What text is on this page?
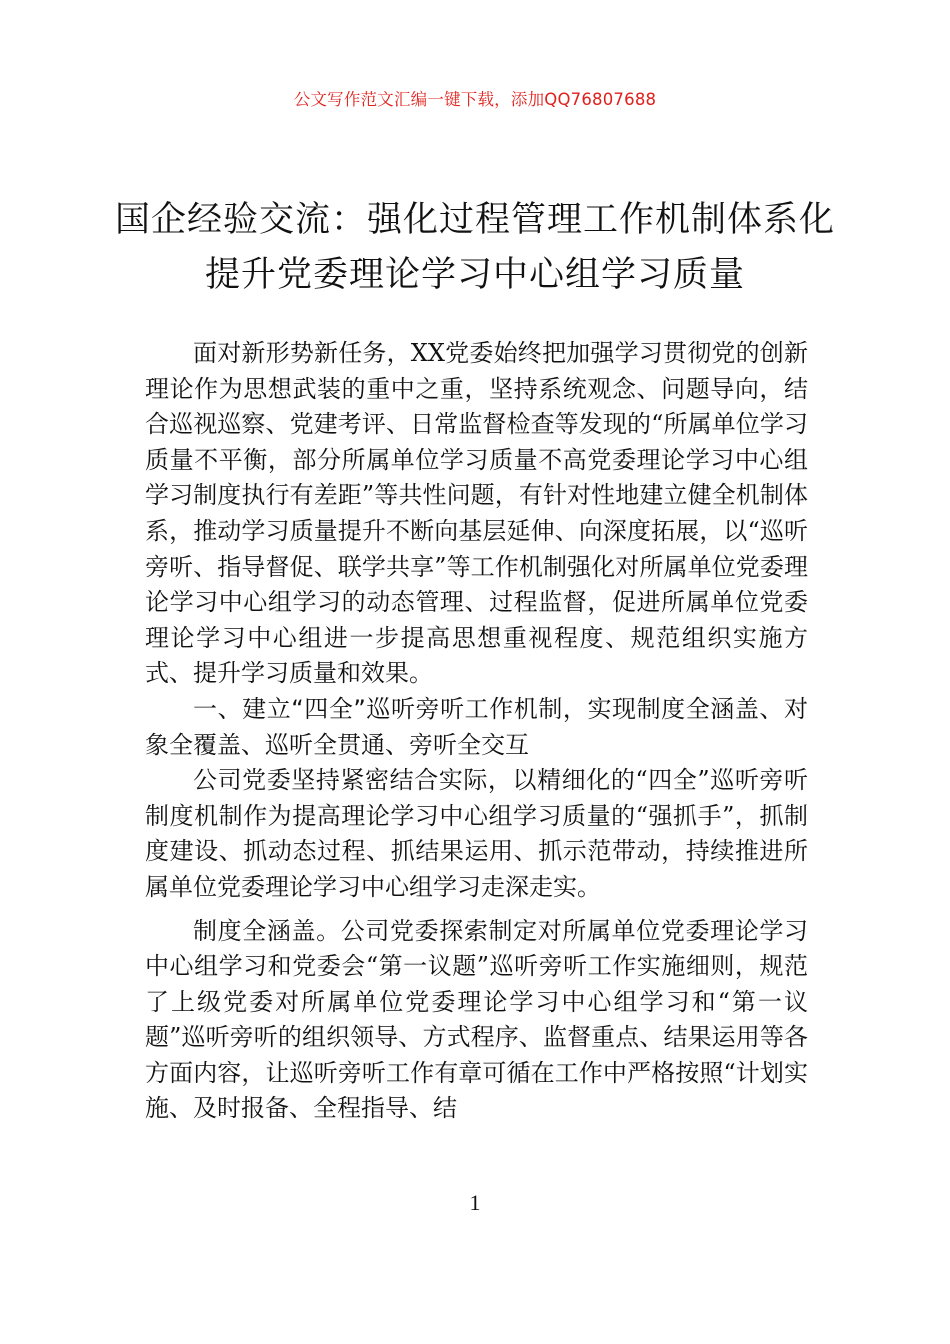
公文写作范文汇编一键下载，添加QQ76807688
国企经验交流：强化过程管理工作机制体系化 提升党委理论学习中心组学习质量

面对新形势新任务，XX党委始终把加强学习贯彻党的创新理论作为思想武装的重中之重，坚持系统观念、问题导向，结合巡视巡察、党建考评、日常监督检查等发现的“所属单位学习质量不平衡，部分所属单位学习质量不高党委理论学习中心组学习制度执行有差距”等共性问题，有针对性地建立健全机制体系，推动学习质量提升不断向基层延伸、向深度拓展，以“巡听旁听、指导督促、联学共享”等工作机制强化对所属单位党委理论学习中心组学习的动态管理、过程监督，促进所属单位党委理论学习中心组进一步提高思想重视程度、规范组织实施方式、提升学习质量和效果。

一、建立“四全”巡听旁听工作机制，实现制度全涵盖、对象全覆盖、巡听全贯通、旁听全交互

公司党委坚持紧密结合实际，以精细化的“四全”巡听旁听制度机制作为提高理论学习中心组学习质量的“强抓手”，抓制度建设、抓动态过程、抓结果运用、抓示范带动，持续推进所属单位党委理论学习中心组学习走深走实。

制度全涵盖。公司党委探索制定对所属单位党委理论学习中心组学习和党委会“第一议题”巡听旁听工作实施细则，规范了上级党委对所属单位党委理论学习中心组学习和“第一议题”巡听旁听的组织领导、方式程序、监督重点、结果运用等各方面内容，让巡听旁听工作有章可循在工作中严格按照“计划实施、及时报备、全程指导、结

1
